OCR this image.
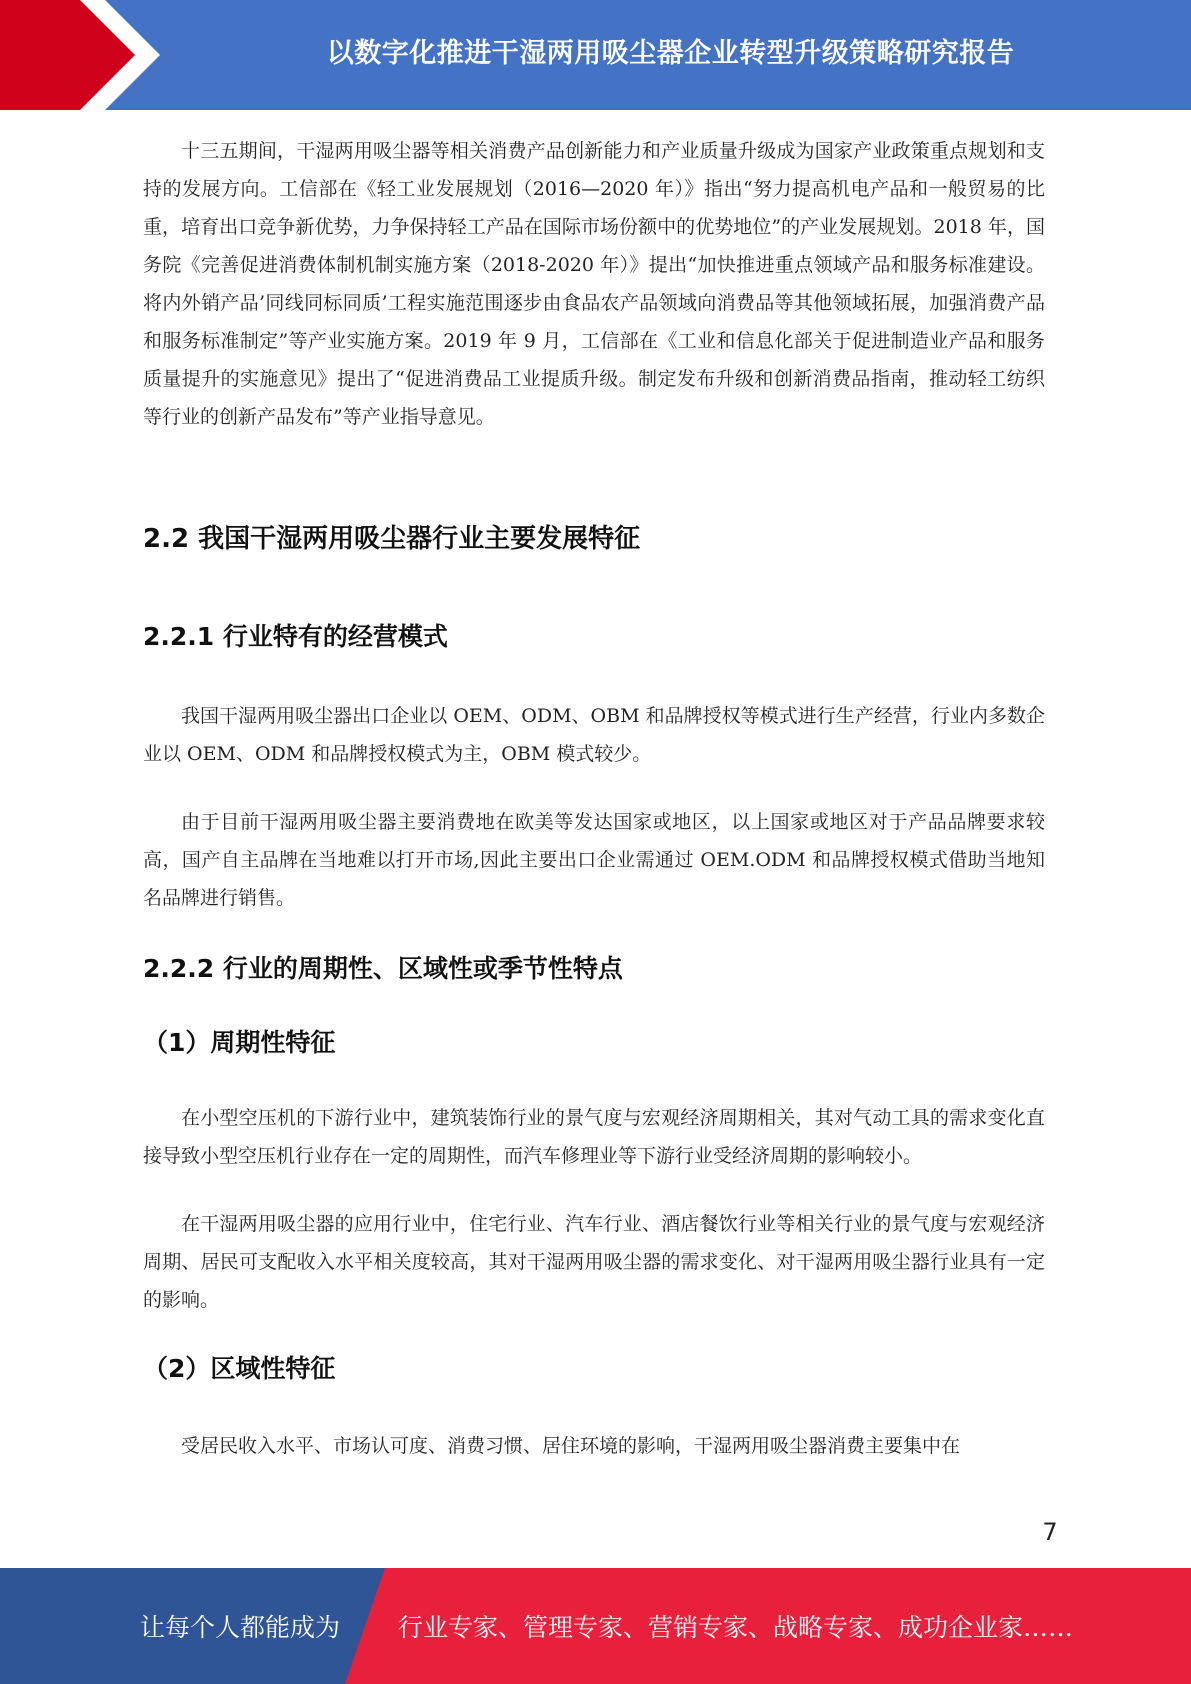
以数字化推进干湿两用吸尘器企业转型升级策略研究报告

十三五期间，干湿两用吸尘器等相关消费产品创新能力和产业质量升级成为国家产业政策重点规划和支持的发展方向。工信部在《轻工业发展规划（2016—2020 年）》指出“努力提高机电产品和一般贸易的比重，培育出口竞争新优势，力争保持轻工产品在国际市场份额中的优势地位”的产业发展规划。2018 年，国务院《完善促进消费体制机制实施方案（2018-2020 年）》提出“加快推进重点领域产品和服务标准建设。将内外销产品’同线同标同质’工程实施范围逐步由食品农产品领域向消费品等其他领域拓展，加强消费产品和服务标准制定”等产业实施方案。2019 年 9 月，工信部在《工业和信息化部关于促进制造业产品和服务质量提升的实施意见》提出了“促进消费品工业提质升级。制定发布升级和创新消费品指南，推动轻工纺织等行业的创新产品发布”等产业指导意见。

2.2 我国干湿两用吸尘器行业主要发展特征
2.2.1 行业特有的经营模式

我国干湿两用吸尘器出口企业以 OEM、ODM、OBM 和品牌授权等模式进行生产经营，行业内多数企业以 OEM、ODM 和品牌授权模式为主，OBM 模式较少。

由于目前干湿两用吸尘器主要消费地在欧美等发达国家或地区，以上国家或地区对于产品品牌要求较高，国产自主品牌在当地难以打开市场,因此主要出口企业需通过 OEM.ODM 和品牌授权模式借助当地知名品牌进行销售。

2.2.2 行业的周期性、区域性或季节性特点
（1）周期性特征

在小型空压机的下游行业中，建筑装饰行业的景气度与宏观经济周期相关，其对气动工具的需求变化直接导致小型空压机行业存在一定的周期性，而汽车修理业等下游行业受经济周期的影响较小。

在干湿两用吸尘器的应用行业中，住宅行业、汽车行业、酒店餐饮行业等相关行业的景气度与宏观经济周期、居民可支配收入水平相关度较高，其对干湿两用吸尘器的需求变化、对干湿两用吸尘器行业具有一定的影响。

（2）区域性特征

受居民收入水平、市场认可度、消费习惯、居住环境的影响，干湿两用吸尘器消费主要集中在

7
让每个人都能成为 行业专家、管理专家、营销专家、战略专家、成功企业家……
